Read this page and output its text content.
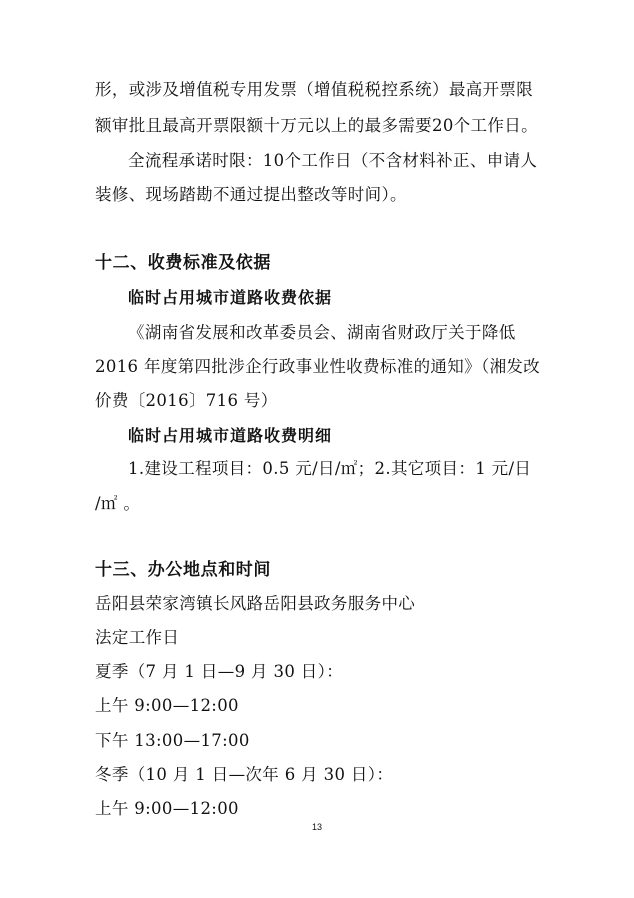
形，或涉及增值税专用发票（增值税税控系统）最高开票限
额审批且最高开票限额十万元以上的最多需要20个工作日。
全流程承诺时限：10个工作日（不含材料补正、申请人
装修、现场踏勘不通过提出整改等时间）。
十二、收费标准及依据
临时占用城市道路收费依据
《湖南省发展和改革委员会、湖南省财政厅关于降低
2016 年度第四批涉企行政事业性收费标准的通知》（湘发改
价费〔2016〕716 号）
临时占用城市道路收费明细
1.建设工程项目：0.5 元/日/㎡；2.其它项目：1 元/日
/㎡ 。
十三、办公地点和时间
岳阳县荣家湾镇长风路岳阳县政务服务中心
法定工作日
夏季（7 月 1 日—9 月 30 日）：
上午 9:00—12:00
下午 13:00—17:00
冬季（10 月 1 日—次年 6 月 30 日）：
上午 9:00—12:00
13
